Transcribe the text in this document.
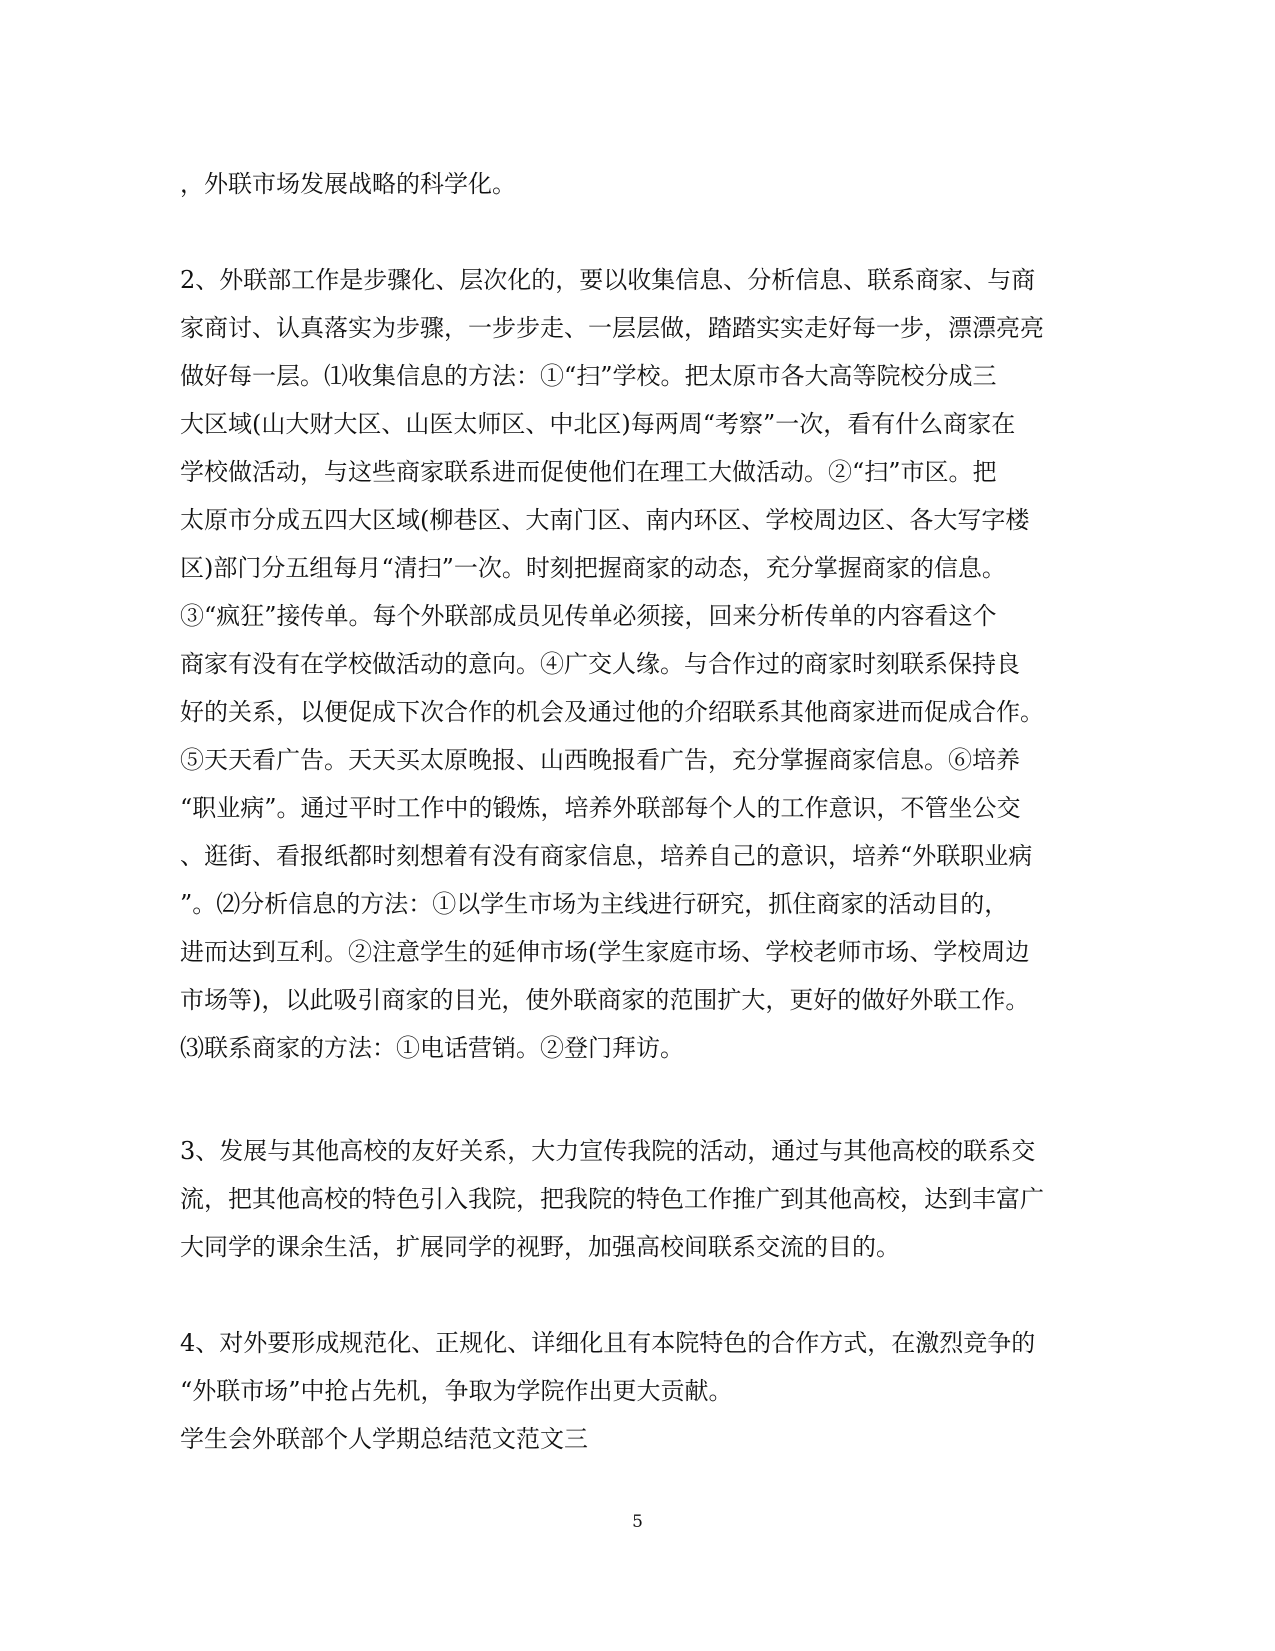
，外联市场发展战略的科学化。
2、外联部工作是步骤化、层次化的，要以收集信息、分析信息、联系商家、与商
家商讨、认真落实为步骤，一步步走、一层层做，踏踏实实走好每一步，漂漂亮亮
做好每一层。⑴收集信息的方法：①“扫”学校。把太原市各大高等院校分成三
大区域(山大财大区、山医太师区、中北区)每两周“考察”一次，看有什么商家在
学校做活动，与这些商家联系进而促使他们在理工大做活动。②“扫”市区。把
太原市分成五四大区域(柳巷区、大南门区、南内环区、学校周边区、各大写字楼
区)部门分五组每月“清扫”一次。时刻把握商家的动态，充分掌握商家的信息。
③“疯狂”接传单。每个外联部成员见传单必须接，回来分析传单的内容看这个
商家有没有在学校做活动的意向。④广交人缘。与合作过的商家时刻联系保持良
好的关系，以便促成下次合作的机会及通过他的介绍联系其他商家进而促成合作。
⑤天天看广告。天天买太原晚报、山西晚报看广告，充分掌握商家信息。⑥培养
“职业病”。通过平时工作中的锻炼，培养外联部每个人的工作意识，不管坐公交
、逛街、看报纸都时刻想着有没有商家信息，培养自己的意识，培养“外联职业病
”。⑵分析信息的方法：①以学生市场为主线进行研究，抓住商家的活动目的，
进而达到互利。②注意学生的延伸市场(学生家庭市场、学校老师市场、学校周边
市场等)，以此吸引商家的目光，使外联商家的范围扩大，更好的做好外联工作。
⑶联系商家的方法：①电话营销。②登门拜访。
3、发展与其他高校的友好关系，大力宣传我院的活动，通过与其他高校的联系交
流，把其他高校的特色引入我院，把我院的特色工作推广到其他高校，达到丰富广
大同学的课余生活，扩展同学的视野，加强高校间联系交流的目的。
4、对外要形成规范化、正规化、详细化且有本院特色的合作方式，在激烈竞争的
“外联市场”中抢占先机，争取为学院作出更大贡献。
学生会外联部个人学期总结范文范文三
5
